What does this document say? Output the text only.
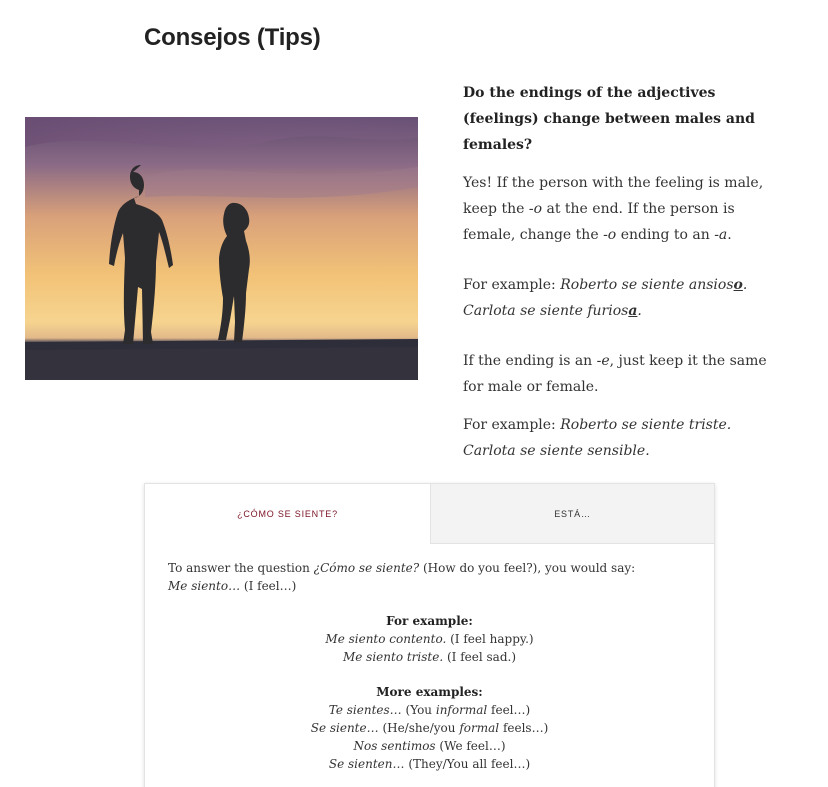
Consejos (Tips)

Do the endings of the adjectives (feelings) change between males and females?

Yes! If the person with the feeling is male, keep the -o at the end. If the person is female, change the -o ending to an -a.

For example: Roberto se siente ansioso. Carlota se siente furiosa.

If the ending is an -e, just keep it the same for male or female.

For example: Roberto se siente triste. Carlota se siente sensible.

¿CÓMO SE SIENTE?	ESTÁ…

To answer the question ¿Cómo se siente? (How do you feel?), you would say:
Me siento… (I feel…)

For example:

Me siento contento. (I feel happy.)

Me siento triste. (I feel sad.)

More examples:

Te sientes… (You informal feel…)

Se siente… (He/she/you formal feels…)

Nos sentimos (We feel…)

Se sienten… (They/You all feel…)
